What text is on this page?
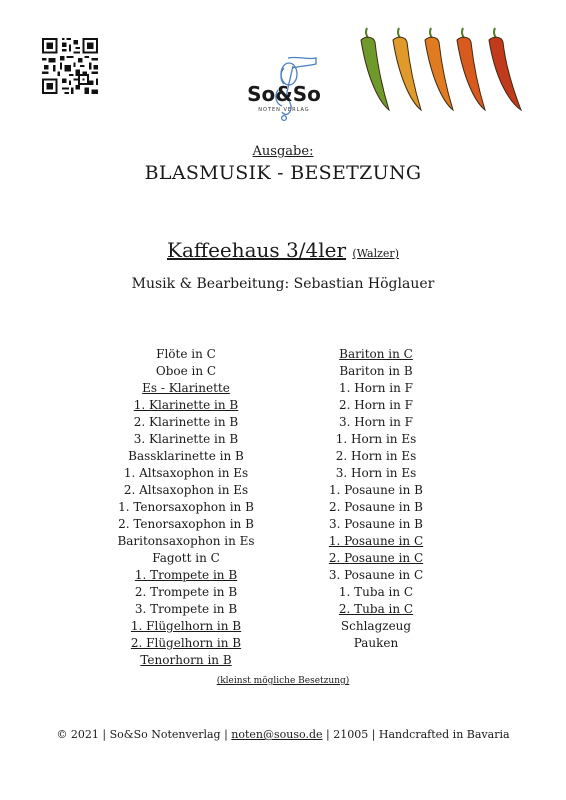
So&So
NOTEN VERLAG
Ausgabe:
BLASMUSIK - BESETZUNG
Kaffeehaus 3/4ler (Walzer)
Musik & Bearbeitung: Sebastian Höglauer
Flöte in C
Oboe in C
Es - Klarinette
1. Klarinette in B
2. Klarinette in B
3. Klarinette in B
Bassklarinette in B
1. Altsaxophon in Es
2. Altsaxophon in Es
1. Tenorsaxophon in B
2. Tenorsaxophon in B
Baritonsaxophon in Es
Fagott in C
1. Trompete in B
2. Trompete in B
3. Trompete in B
1. Flügelhorn in B
2. Flügelhorn in B
Tenorhorn in B
Bariton in C
Bariton in B
1. Horn in F
2. Horn in F
3. Horn in F
1. Horn in Es
2. Horn in Es
3. Horn in Es
1. Posaune in B
2. Posaune in B
3. Posaune in B
1. Posaune in C
2. Posaune in C
3. Posaune in C
1. Tuba in C
2. Tuba in C
Schlagzeug
Pauken
(kleinst mögliche Besetzung)
© 2021 | So&So Notenverlag | noten@souso.de | 21005 | Handcrafted in Bavaria
